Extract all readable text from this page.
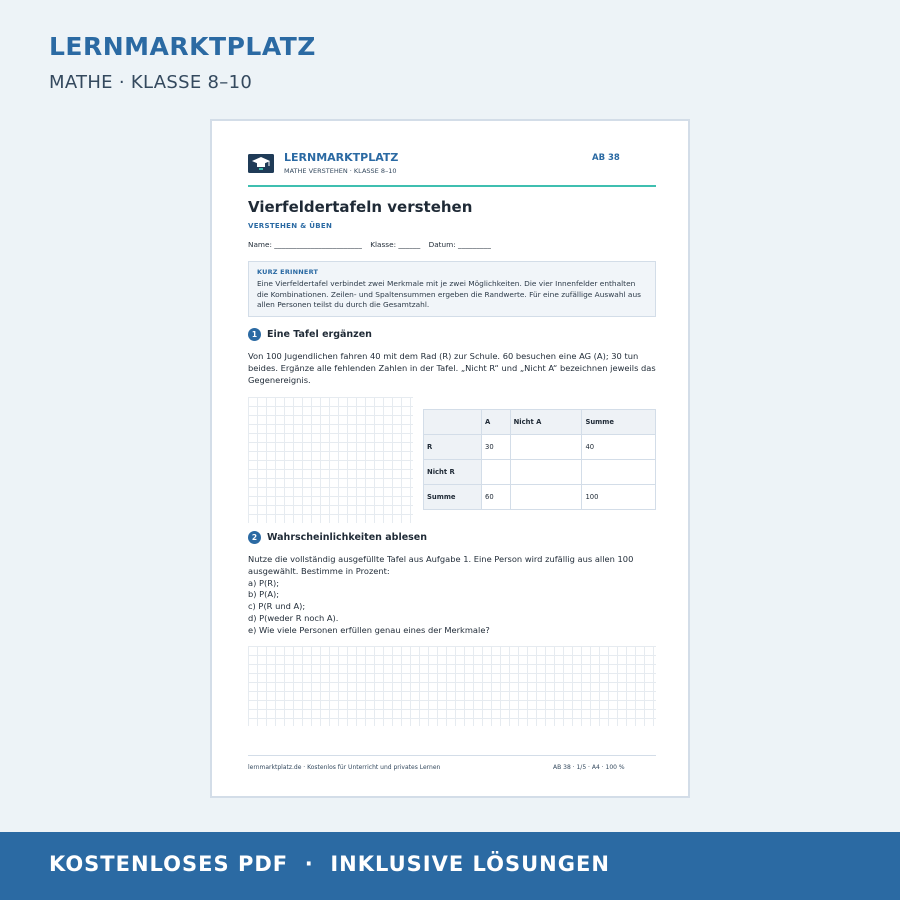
LERNMARKTPLATZ
MATHE · KLASSE 8–10
LERNMARKTPLATZ
MATHE VERSTEHEN · KLASSE 8–10
AB 38
Vierfeldertafeln verstehen
VERSTEHEN & ÜBEN
Name: ________________________ Klasse: ______ Datum: _________
KURZ ERINNERT
Eine Vierfeldertafel verbindet zwei Merkmale mit je zwei Möglichkeiten. Die vier Innenfelder enthalten die Kombinationen. Zeilen- und Spaltensummen ergeben die Randwerte. Für eine zufällige Auswahl aus allen Personen teilst du durch die Gesamtzahl.
1	Eine Tafel ergänzen
Von 100 Jugendlichen fahren 40 mit dem Rad (R) zur Schule. 60 besuchen eine AG (A); 30 tun beides. Ergänze alle fehlenden Zahlen in der Tafel. „Nicht R“ und „Nicht A“ bezeichnen jeweils das Gegenereignis.
	A	Nicht A	Summe
R	30		40
Nicht R			
Summe	60		100
2	Wahrscheinlichkeiten ablesen
Nutze die vollständig ausgefüllte Tafel aus Aufgabe 1. Eine Person wird zufällig aus allen 100 ausgewählt. Bestimme in Prozent:
a) P(R);
b) P(A);
c) P(R und A);
d) P(weder R noch A).
e) Wie viele Personen erfüllen genau eines der Merkmale?
lernmarktplatz.de · Kostenlos für Unterricht und privates Lernen	AB 38 · 1/5 · A4 · 100 %
KOSTENLOSES PDF  ·  INKLUSIVE LÖSUNGEN
